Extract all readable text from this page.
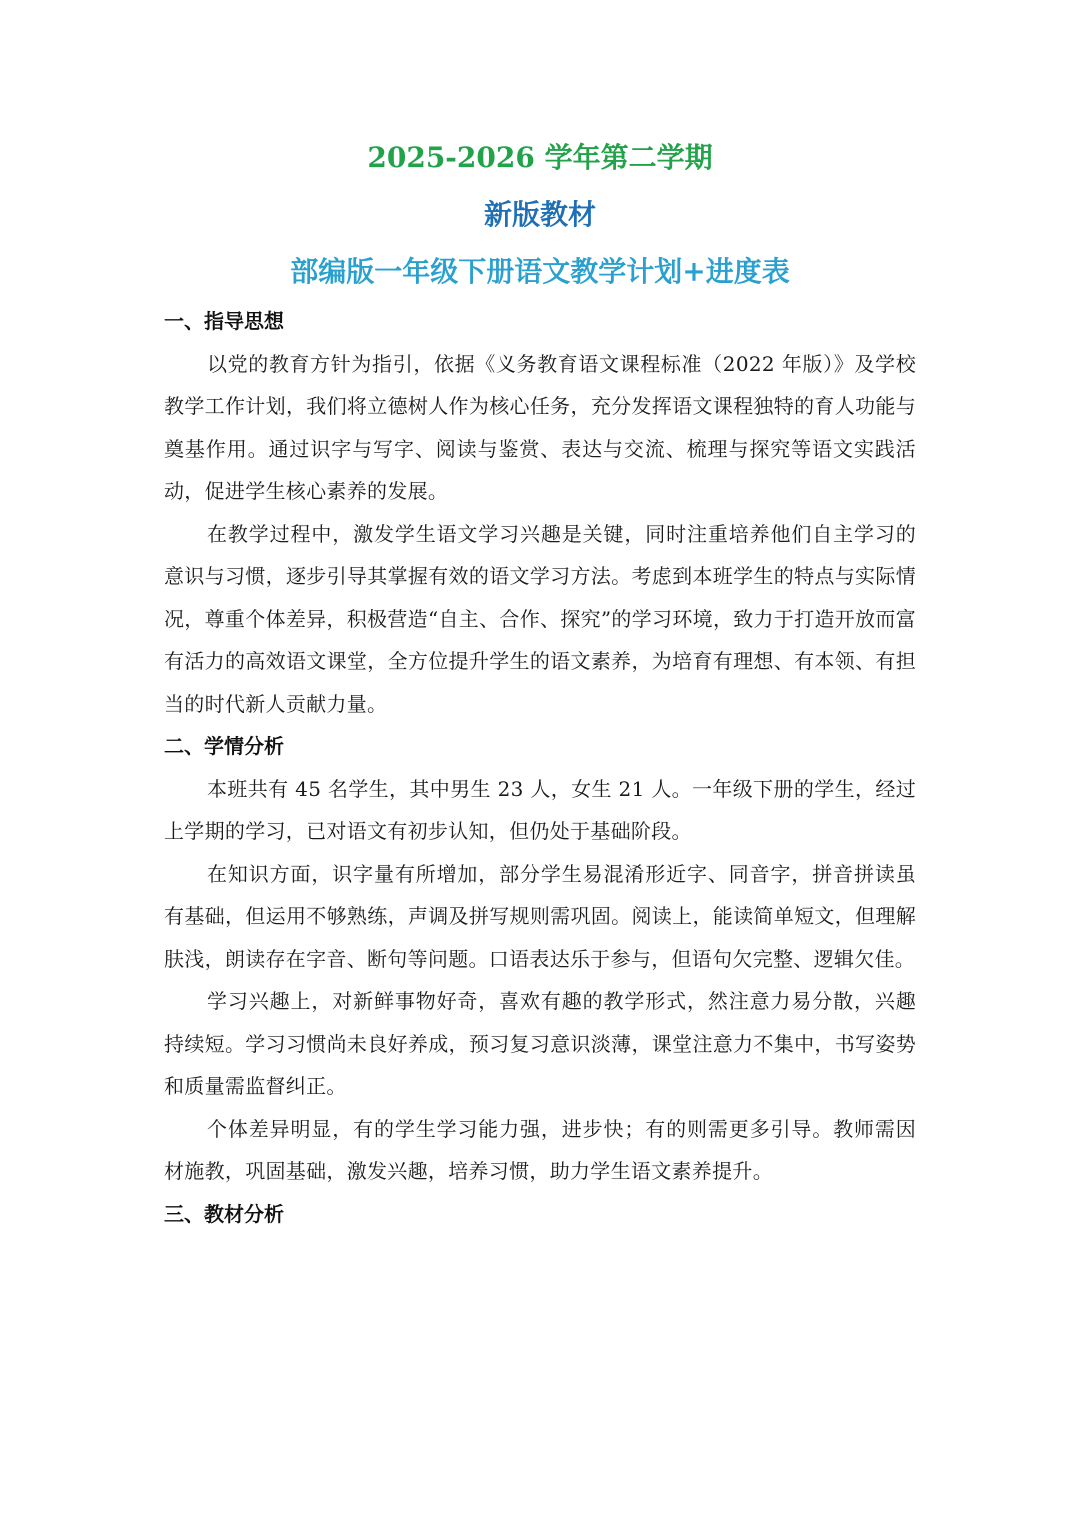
2025-2026 学年第二学期
新版教材
部编版一年级下册语文教学计划+进度表
一、指导思想

以党的教育方针为指引，依据《义务教育语文课程标准（2022 年版）》及学校教学工作计划，我们将立德树人作为核心任务，充分发挥语文课程独特的育人功能与奠基作用。通过识字与写字、阅读与鉴赏、表达与交流、梳理与探究等语文实践活动，促进学生核心素养的发展。

在教学过程中，激发学生语文学习兴趣是关键，同时注重培养他们自主学习的意识与习惯，逐步引导其掌握有效的语文学习方法。考虑到本班学生的特点与实际情况，尊重个体差异，积极营造“自主、合作、探究”的学习环境，致力于打造开放而富有活力的高效语文课堂，全方位提升学生的语文素养，为培育有理想、有本领、有担当的时代新人贡献力量。

二、学情分析

本班共有 45 名学生，其中男生 23 人，女生 21 人。一年级下册的学生，经过上学期的学习，已对语文有初步认知，但仍处于基础阶段。

在知识方面，识字量有所增加，部分学生易混淆形近字、同音字，拼音拼读虽有基础，但运用不够熟练，声调及拼写规则需巩固。阅读上，能读简单短文，但理解肤浅，朗读存在字音、断句等问题。口语表达乐于参与，但语句欠完整、逻辑欠佳。

学习兴趣上，对新鲜事物好奇，喜欢有趣的教学形式，然注意力易分散，兴趣持续短。学习习惯尚未良好养成，预习复习意识淡薄，课堂注意力不集中，书写姿势和质量需监督纠正。

个体差异明显，有的学生学习能力强，进步快；有的则需更多引导。教师需因材施教，巩固基础，激发兴趣，培养习惯，助力学生语文素养提升。

三、教材分析
